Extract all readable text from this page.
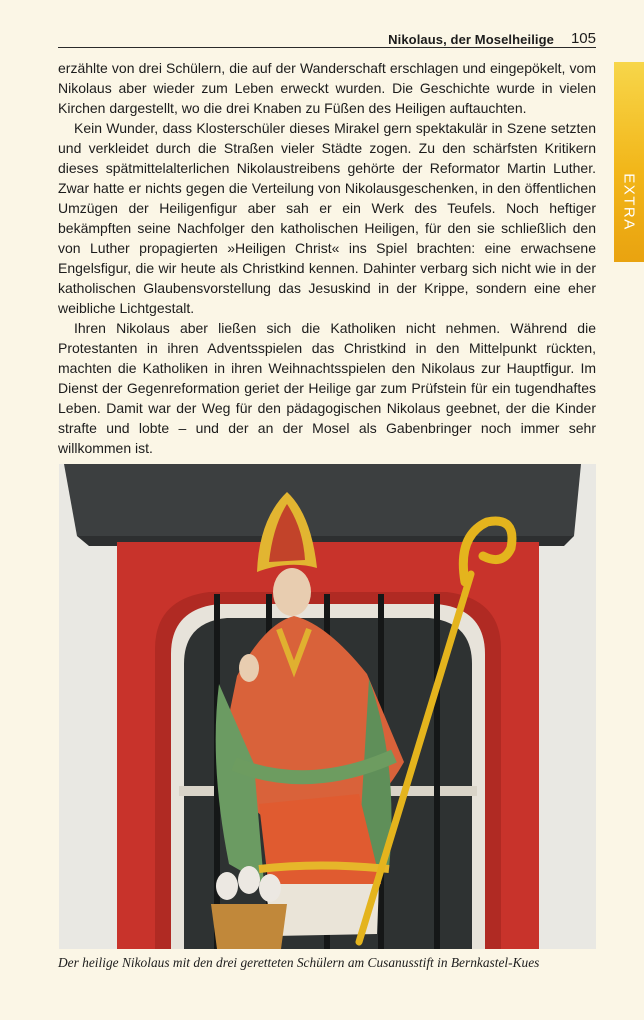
Nikolaus, der Moselheilige 105
EXTRA

erzählte von drei Schülern, die auf der Wanderschaft erschlagen und eingepökelt, vom Nikolaus aber wieder zum Leben erweckt wurden. Die Geschichte wurde in vielen Kirchen dargestellt, wo die drei Knaben zu Füßen des Heiligen auftauchten.

Kein Wunder, dass Klosterschüler dieses Mirakel gern spektakulär in Szene setzten und verkleidet durch die Straßen vieler Städte zogen. Zu den schärfsten Kritikern dieses spätmittelalterlichen Nikolaustreibens gehörte der Reformator Martin Luther. Zwar hatte er nichts gegen die Verteilung von Nikolausgeschenken, in den öffentlichen Umzügen der Heiligenfigur aber sah er ein Werk des Teufels. Noch heftiger bekämpften seine Nachfolger den katholischen Heiligen, für den sie schließlich den von Luther propagierten »Heiligen Christ« ins Spiel brachten: eine erwachsene Engelsfigur, die wir heute als Christkind kennen. Dahinter verbarg sich nicht wie in der katholischen Glaubensvorstellung das Jesuskind in der Krippe, sondern eine eher weibliche Lichtgestalt.

Ihren Nikolaus aber ließen sich die Katholiken nicht nehmen. Während die Protestanten in ihren Adventsspielen das Christkind in den Mittelpunkt rückten, machten die Katholiken in ihren Weihnachtsspielen den Nikolaus zur Hauptfigur. Im Dienst der Gegenreformation geriet der Heilige gar zum Prüfstein für ein tugendhaftes Leben. Damit war der Weg für den pädagogischen Nikolaus geebnet, der die Kinder strafte und lobte – und der an der Mosel als Gabenbringer noch immer sehr willkommen ist.

Der heilige Nikolaus mit den drei geretteten Schülern am Cusanusstift in Bernkastel-Kues
